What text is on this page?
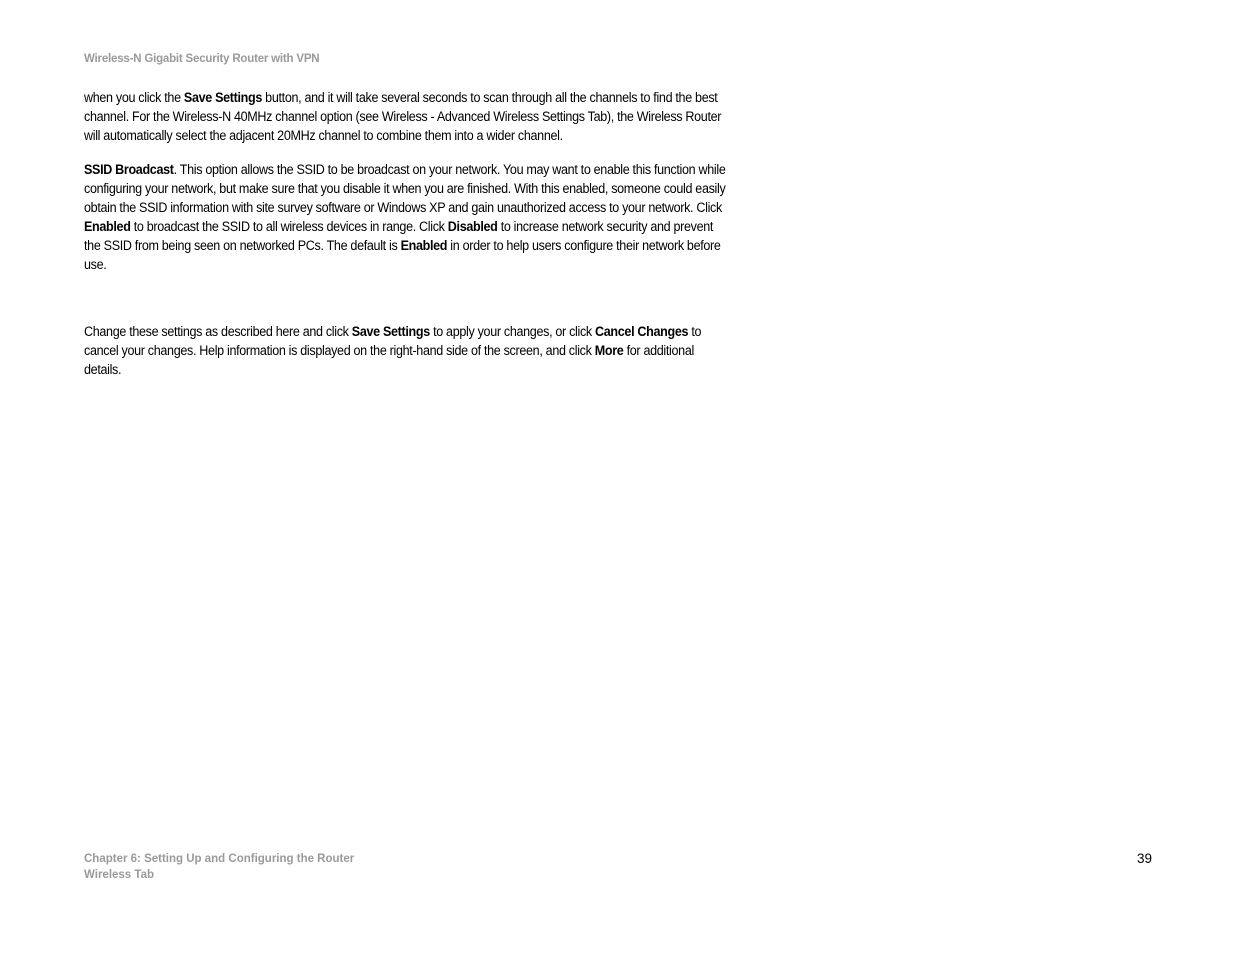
Wireless-N Gigabit Security Router with VPN

when you click the Save Settings button, and it will take several seconds to scan through all the channels to find the best channel. For the Wireless-N 40MHz channel option (see Wireless - Advanced Wireless Settings Tab), the Wireless Router will automatically select the adjacent 20MHz channel to combine them into a wider channel.

SSID Broadcast. This option allows the SSID to be broadcast on your network. You may want to enable this function while configuring your network, but make sure that you disable it when you are finished. With this enabled, someone could easily obtain the SSID information with site survey software or Windows XP and gain unauthorized access to your network. Click Enabled to broadcast the SSID to all wireless devices in range. Click Disabled to increase network security and prevent the SSID from being seen on networked PCs. The default is Enabled in order to help users configure their network before use.

Change these settings as described here and click Save Settings to apply your changes, or click Cancel Changes to cancel your changes. Help information is displayed on the right-hand side of the screen, and click More for additional details.

Chapter 6: Setting Up and Configuring the Router
Wireless Tab
39
